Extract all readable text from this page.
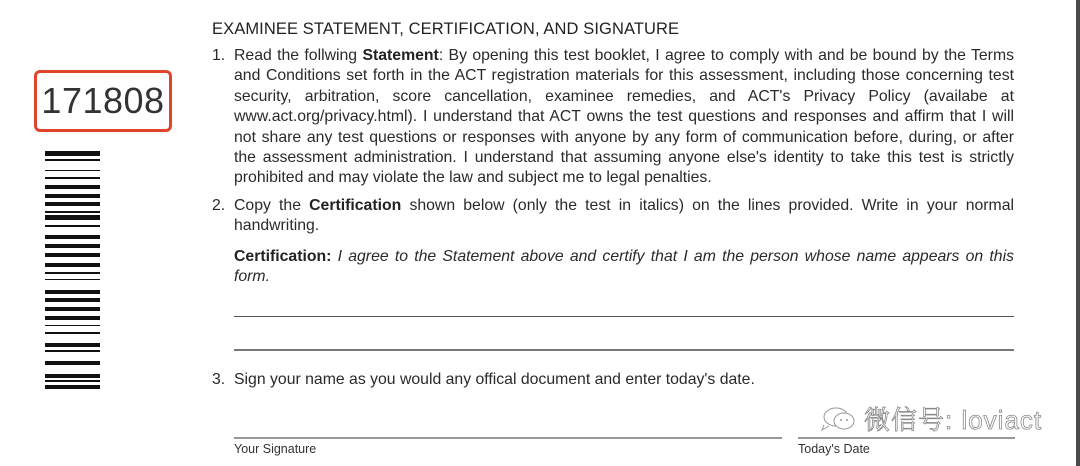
171808
EXAMINEE STATEMENT, CERTIFICATION, AND SIGNATURE
1. Read the follwing Statement: By opening this test booklet, I agree to comply with and be bound by the Terms and Conditions set forth in the ACT registration materials for this assessment, including those concerning test security, arbitration, score cancellation, examinee remedies, and ACT's Privacy Policy (availabe at www.act.org/privacy.html). I understand that ACT owns the test questions and responses and affirm that I will not share any test questions or responses with anyone by any form of communication before, during, or after the assessment administration. I understand that assuming anyone else's identity to take this test is strictly prohibited and may violate the law and subject me to legal penalties.
2. Copy the Certification shown below (only the test in italics) on the lines provided. Write in your normal handwriting.
Certification: I agree to the Statement above and certify that I am the person whose name appears on this form.
3. Sign your name as you would any offical document and enter today's date.
Your Signature	Today's Date
微信号: loviact
